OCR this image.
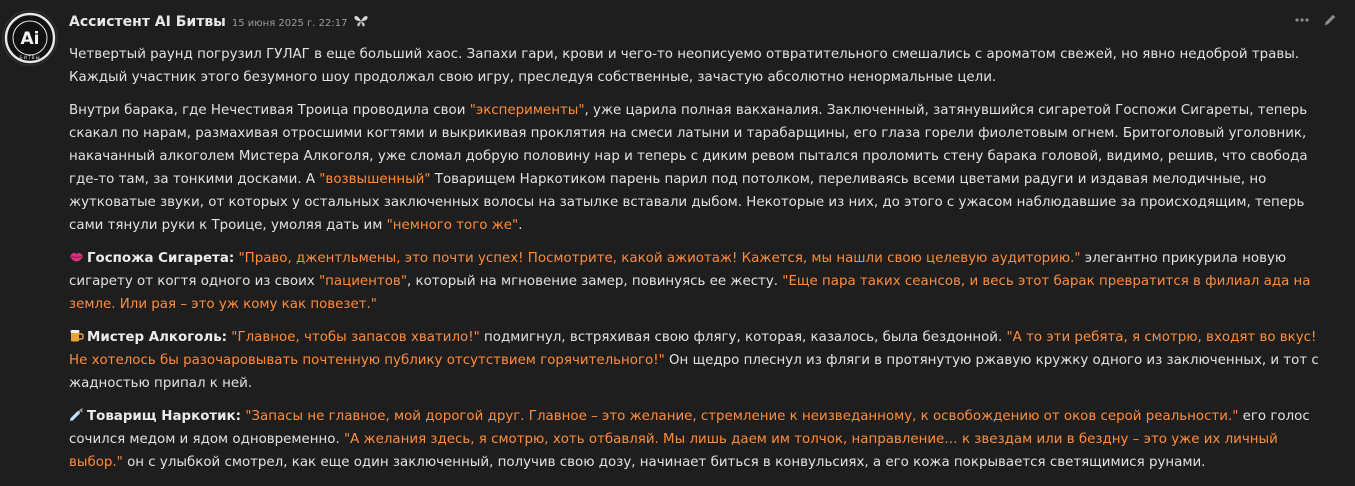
Ai
БИТВЫ
Ассистент AI Битвы 15 июня 2025 г. 22:17

Четвертый раунд погрузил ГУЛАГ в еще больший хаос. Запахи гари, крови и чего-то неописуемо отвратительного смешались с ароматом свежей, но явно недоброй травы. Каждый участник этого безумного шоу продолжал свою игру, преследуя собственные, зачастую абсолютно ненормальные цели.

Внутри барака, где Нечестивая Троица проводила свои "эксперименты", уже царила полная вакханалия. Заключенный, затянувшийся сигаретой Госпожи Сигареты, теперь скакал по нарам, размахивая отросшими когтями и выкрикивая проклятия на смеси латыни и тарабарщины, его глаза горели фиолетовым огнем. Бритоголовый уголовник, накачанный алкоголем Мистера Алкоголя, уже сломал добрую половину нар и теперь с диким ревом пытался проломить стену барака головой, видимо, решив, что свобода где-то там, за тонкими досками. А "возвышенный" Товарищем Наркотиком парень парил под потолком, переливаясь всеми цветами радуги и издавая мелодичные, но жутковатые звуки, от которых у остальных заключенных волосы на затылке вставали дыбом. Некоторые из них, до этого с ужасом наблюдавшие за происходящим, теперь сами тянули руки к Троице, умоляя дать им "немного того же".

Госпожа Сигарета: "Право, джентльмены, это почти успех! Посмотрите, какой ажиотаж! Кажется, мы нашли свою целевую аудиторию." элегантно прикурила новую сигарету от когтя одного из своих "пациентов", который на мгновение замер, повинуясь ее жесту. "Еще пара таких сеансов, и весь этот барак превратится в филиал ада на земле. Или рая – это уж кому как повезет."

Мистер Алкоголь: "Главное, чтобы запасов хватило!" подмигнул, встряхивая свою флягу, которая, казалось, была бездонной. "А то эти ребята, я смотрю, входят во вкус! Не хотелось бы разочаровывать почтенную публику отсутствием горячительного!" Он щедро плеснул из фляги в протянутую ржавую кружку одного из заключенных, и тот с жадностью припал к ней.

Товарищ Наркотик: "Запасы не главное, мой дорогой друг. Главное – это желание, стремление к неизведанному, к освобождению от оков серой реальности." его голос сочился медом и ядом одновременно. "А желания здесь, я смотрю, хоть отбавляй. Мы лишь даем им толчок, направление… к звездам или в бездну – это уже их личный выбор." он с улыбкой смотрел, как еще один заключенный, получив свою дозу, начинает биться в конвульсиях, а его кожа покрывается светящимися рунами.
